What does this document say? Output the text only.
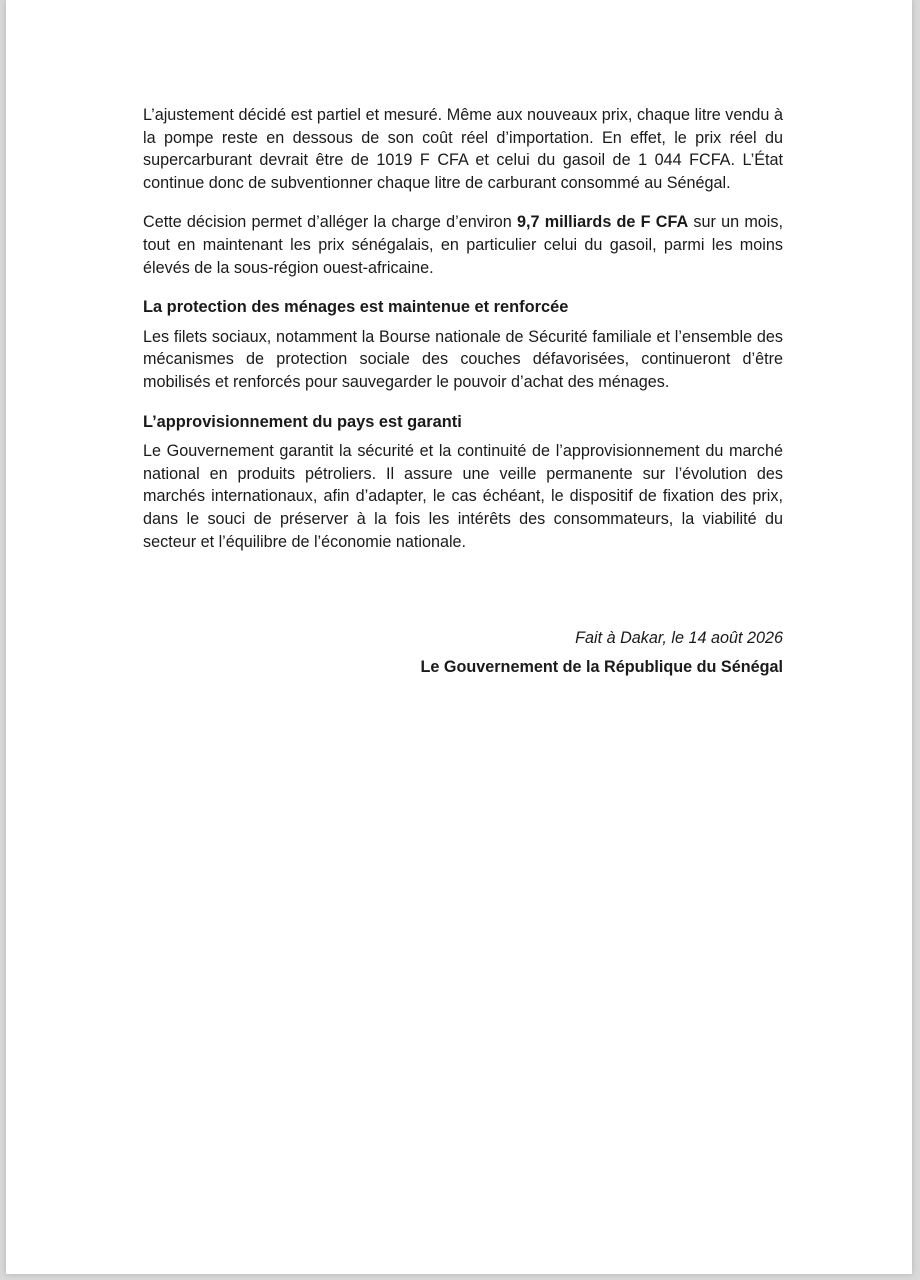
L’ajustement décidé est partiel et mesuré. Même aux nouveaux prix, chaque litre vendu à la pompe reste en dessous de son coût réel d’importation. En effet, le prix réel du supercarburant devrait être de 1019 F CFA et celui du gasoil de 1 044 FCFA. L’État continue donc de subventionner chaque litre de carburant consommé au Sénégal.

Cette décision permet d’alléger la charge d’environ 9,7 milliards de F CFA sur un mois, tout en maintenant les prix sénégalais, en particulier celui du gasoil, parmi les moins élevés de la sous-région ouest-africaine.

La protection des ménages est maintenue et renforcée

Les filets sociaux, notamment la Bourse nationale de Sécurité familiale et l’ensemble des mécanismes de protection sociale des couches défavorisées, continueront d’être mobilisés et renforcés pour sauvegarder le pouvoir d’achat des ménages.

L’approvisionnement du pays est garanti

Le Gouvernement garantit la sécurité et la continuité de l’approvisionnement du marché national en produits pétroliers. Il assure une veille permanente sur l’évolution des marchés internationaux, afin d’adapter, le cas échéant, le dispositif de fixation des prix, dans le souci de préserver à la fois les intérêts des consommateurs, la viabilité du secteur et l’équilibre de l’économie nationale.

Fait à Dakar, le 14 août 2026
Le Gouvernement de la République du Sénégal
